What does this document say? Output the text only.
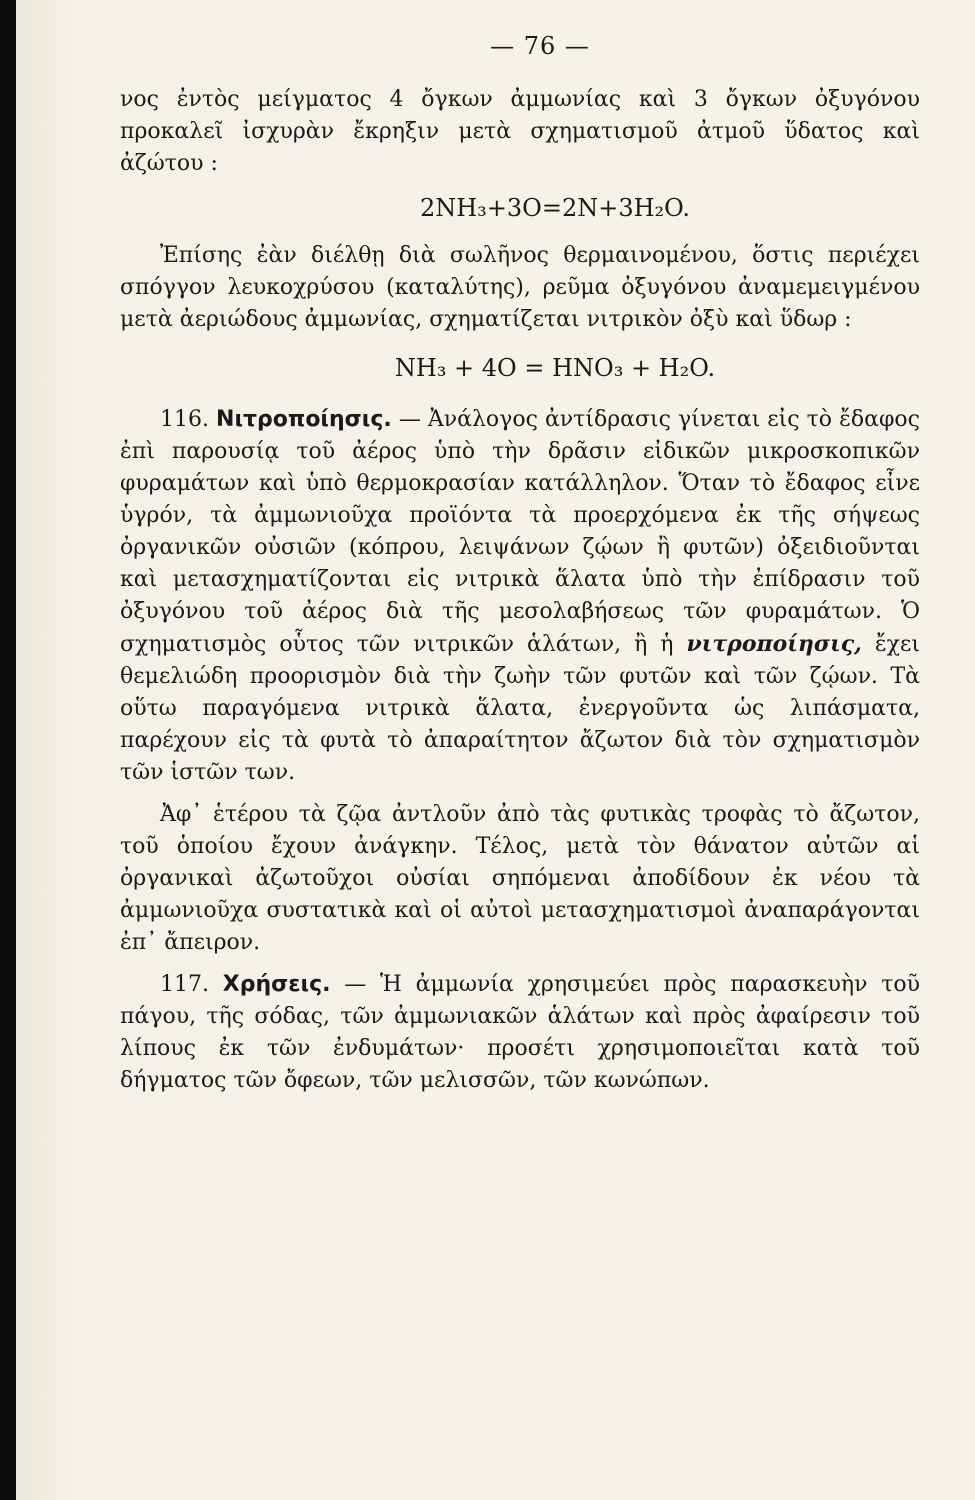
— 76 —

νος ἐντὸς μείγματος 4 ὄγκων ἀμμωνίας καὶ 3 ὄγκων ὀξυγόνου προκαλεῖ ἰσχυρὰν ἔκρηξιν μετὰ σχηματισμοῦ ἀτμοῦ ὕδατος καὶ ἀζώτου :

2NH₃+3O=2N+3H₂O.

Ἐπίσης ἐὰν διέλθῃ διὰ σωλῆνος θερμαινομένου, ὅστις περιέχει σπόγγον λευκοχρύσου (καταλύτης), ρεῦμα ὀξυγόνου ἀναμεμειγμένου μετὰ ἀεριώδους ἀμμωνίας, σχηματίζεται νιτρικὸν ὀξὺ καὶ ὕδωρ :

NH₃ + 4O = HNO₃ + H₂O.

116. Νιτροποίησις. — Ἀνάλογος ἀντίδρασις γίνεται εἰς τὸ ἔδαφος ἐπὶ παρουσίᾳ τοῦ ἀέρος ὑπὸ τὴν δρᾶσιν εἰδικῶν μικροσκοπικῶν φυραμάτων καὶ ὑπὸ θερμοκρασίαν κατάλληλον. Ὅταν τὸ ἔδαφος εἶνε ὑγρόν, τὰ ἀμμωνιοῦχα προϊόντα τὰ προερχόμενα ἐκ τῆς σήψεως ὀργανικῶν οὐσιῶν (κόπρου, λειψάνων ζῴων ἢ φυτῶν) ὀξειδιοῦνται καὶ μετασχηματίζονται εἰς νιτρικὰ ἅλατα ὑπὸ τὴν ἐπίδρασιν τοῦ ὀξυγόνου τοῦ ἀέρος διὰ τῆς μεσολαβήσεως τῶν φυραμάτων. Ὁ σχηματισμὸς οὗτος τῶν νιτρικῶν ἁλάτων, ἢ ἡ νιτροποίησις, ἔχει θεμελιώδη προορισμὸν διὰ τὴν ζωὴν τῶν φυτῶν καὶ τῶν ζῴων. Τὰ οὕτω παραγόμενα νιτρικὰ ἅλατα, ἐνεργοῦντα ὡς λιπάσματα, παρέχουν εἰς τὰ φυτὰ τὸ ἀπαραίτητον ἄζωτον διὰ τὸν σχηματισμὸν τῶν ἱστῶν των.

Ἀφ᾿ ἑτέρου τὰ ζῷα ἀντλοῦν ἀπὸ τὰς φυτικὰς τροφὰς τὸ ἄζωτον, τοῦ ὁποίου ἔχουν ἀνάγκην. Τέλος, μετὰ τὸν θάνατον αὐτῶν αἱ ὀργανικαὶ ἀζωτοῦχοι οὐσίαι σηπόμεναι ἀποδίδουν ἐκ νέου τὰ ἀμμωνιοῦχα συστατικὰ καὶ οἱ αὐτοὶ μετασχηματισμοὶ ἀναπαράγονται ἐπ᾿ ἄπειρον.

117. Χρήσεις. — Ἡ ἀμμωνία χρησιμεύει πρὸς παρασκευὴν τοῦ πάγου, τῆς σόδας, τῶν ἀμμωνιακῶν ἁλάτων καὶ πρὸς ἀφαίρεσιν τοῦ λίπους ἐκ τῶν ἐνδυμάτων· προσέτι χρησιμοποιεῖται κατὰ τοῦ δήγματος τῶν ὄφεων, τῶν μελισσῶν, τῶν κωνώπων.
